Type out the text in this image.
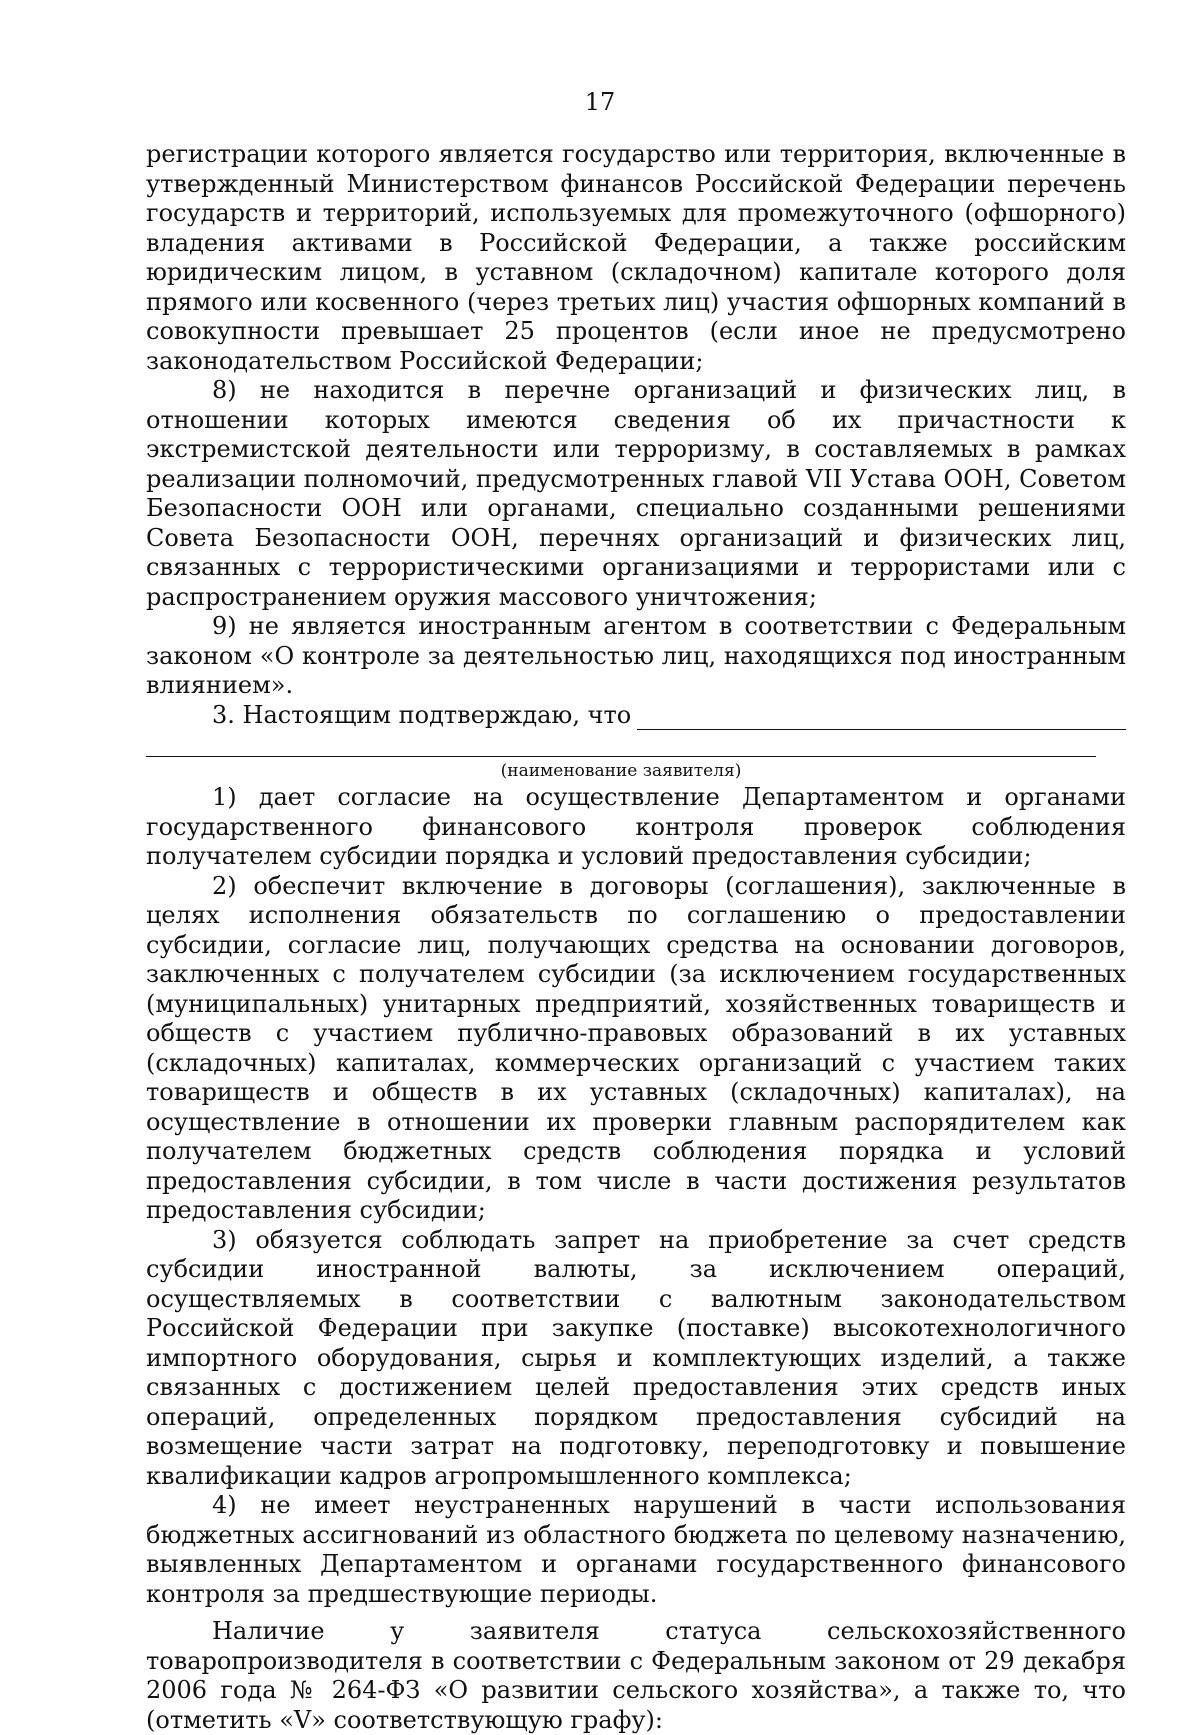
17

регистрации которого является государство или территория, включенные в утвержденный Министерством финансов Российской Федерации перечень государств и территорий, используемых для промежуточного (офшорного) владения активами в Российской Федерации, а также российским юридическим лицом, в уставном (складочном) капитале которого доля прямого или косвенного (через третьих лиц) участия офшорных компаний в совокупности превышает 25 процентов (если иное не предусмотрено законодательством Российской Федерации;

8) не находится в перечне организаций и физических лиц, в отношении которых имеются сведения об их причастности к экстремистской деятельности или терроризму, в составляемых в рамках реализации полномочий, предусмотренных главой VII Устава ООН, Советом Безопасности ООН или органами, специально созданными решениями Совета Безопасности ООН, перечнях организаций и физических лиц, связанных с террористическими организациями и террористами или с распространением оружия массового уничтожения;

9) не является иностранным агентом в соответствии с Федеральным законом «О контроле за деятельностью лиц, находящихся под иностранным влиянием».

3. Настоящим подтверждаю, что
(наименование заявителя)

1) дает согласие на осуществление Департаментом и органами государственного финансового контроля проверок соблюдения получателем субсидии порядка и условий предоставления субсидии;

2) обеспечит включение в договоры (соглашения), заключенные в целях исполнения обязательств по соглашению о предоставлении субсидии, согласие лиц, получающих средства на основании договоров, заключенных с получателем субсидии (за исключением государственных (муниципальных) унитарных предприятий, хозяйственных товариществ и обществ с участием публично-правовых образований в их уставных (складочных) капиталах, коммерческих организаций с участием таких товариществ и обществ в их уставных (складочных) капиталах), на осуществление в отношении их проверки главным распорядителем как получателем бюджетных средств соблюдения порядка и условий предоставления субсидии, в том числе в части достижения результатов предоставления субсидии;

3) обязуется соблюдать запрет на приобретение за счет средств субсидии иностранной валюты, за исключением операций, осуществляемых в соответствии с валютным законодательством Российской Федерации при закупке (поставке) высокотехнологичного импортного оборудования, сырья и комплектующих изделий, а также связанных с достижением целей предоставления этих средств иных операций, определенных порядком предоставления субсидий на возмещение части затрат на подготовку, переподготовку и повышение квалификации кадров агропромышленного комплекса;

4) не имеет неустраненных нарушений в части использования бюджетных ассигнований из областного бюджета по целевому назначению, выявленных Департаментом и органами государственного финансового контроля за предшествующие периоды.

Наличие у заявителя статуса сельскохозяйственного товаропроизводителя в соответствии с Федеральным законом от 29 декабря 2006 года № 264-ФЗ «О развитии сельского хозяйства», а также то, что (отметить «V» соответствующую графу):
